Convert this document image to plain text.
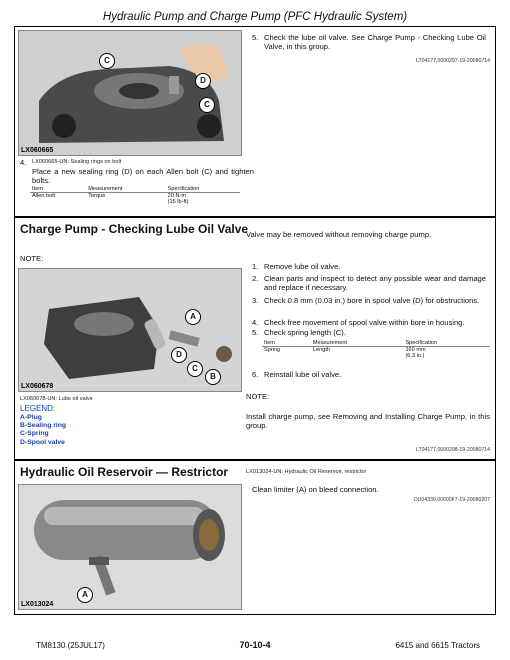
Hydraulic Pump and Charge Pump (PFC Hydraulic System)
C
D
C
LX060665
5. Check the lube oil valve. See Charge Pump - Checking Lube Oil Valve, in this group.
LT04177,0000297-19-20080714
4. LX060665-UN: Sealing rings on bolt
Place a new sealing ring (D) on each Allen bolt (C) and tighten bolts.
Item	Measurement	Specification
Allen bolt	Torque	20 N·m
(15 lb-ft)
Charge Pump - Checking Lube Oil Valve
Valve may be removed without removing charge pump.
NOTE:
A
D
C
B
LX060678
LX060678-UN: Lube oil valve
LEGEND:
A-Plug
B-Sealing ring
C-Spring
D-Spool valve
1. Remove lube oil valve.
2. Clean parts and inspect to detect any possible wear and damage and replace if necessary.
3. Check 0.8 mm (0.03 in.) bore in spool valve (D) for obstructions.
4. Check free movement of spool valve within bore in housing.
5. Check spring length (C).
Item	Measurement	Specification
Spring	Length	160 mm
(6.3 in.)
6. Reinstall lube oil valve.
NOTE:
Install charge pump, see Removing and Installing Charge Pump, in this group.
LT04177,0000298-19-20080714
Hydraulic Oil Reservoir — Restrictor	LX013024-UN: Hydraulic Oil Reservoir, restrictor
Clean limiter (A) on bleed connection.
OU04339,00000F7-19-20080207
A
LX013024
TM8130 (25JUL17)	70-10-4	6415 and 6615 Tractors
